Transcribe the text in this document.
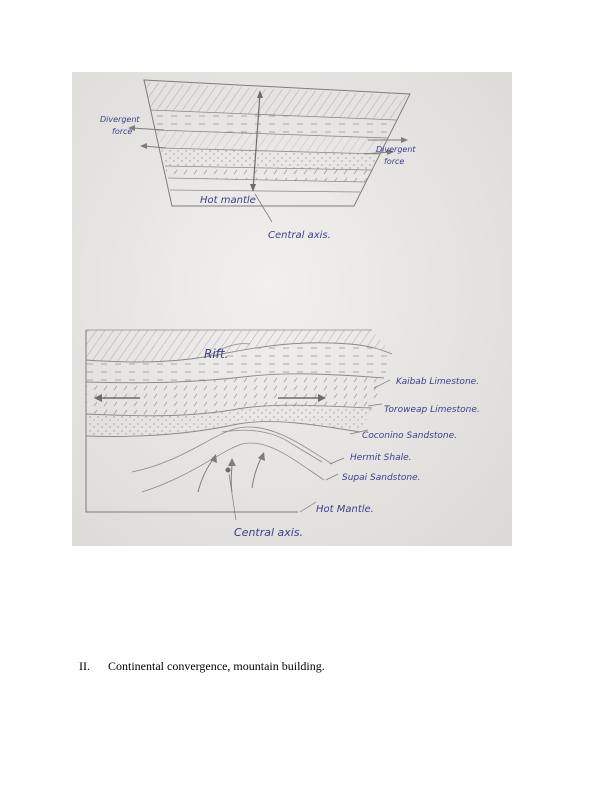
Divergent
force
Divergent
force
Hot mantle
Central axis.
Rift.
Kaibab Limestone.
Toroweap Limestone.
Coconino Sandstone.
Hermit Shale.
Supai Sandstone.
Hot Mantle.
Central axis.
II. Continental convergence, mountain building.
